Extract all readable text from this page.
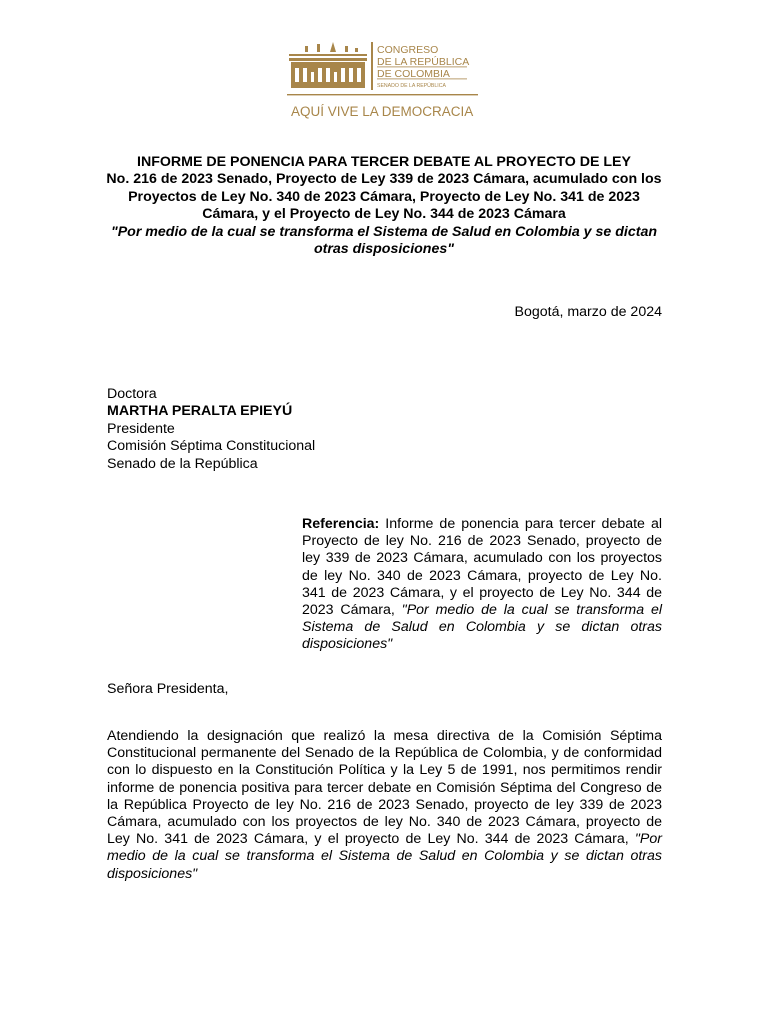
CONGRESO
DE LA REPÚBLICA
DE COLOMBIA
SENADO DE LA REPÚBLICA
AQUÍ VIVE LA DEMOCRACIA
INFORME DE PONENCIA PARA TERCER DEBATE AL PROYECTO DE LEY
No. 216 de 2023 Senado, Proyecto de Ley 339 de 2023 Cámara, acumulado con los
Proyectos de Ley No. 340 de 2023 Cámara, Proyecto de Ley No. 341 de 2023
Cámara, y el Proyecto de Ley No. 344 de 2023 Cámara
"Por medio de la cual se transforma el Sistema de Salud en Colombia y se dictan
otras disposiciones"
Bogotá, marzo de 2024
Doctora
MARTHA PERALTA EPIEYÚ
Presidente
Comisión Séptima Constitucional
Senado de la República
Referencia: Informe de ponencia para tercer debate al Proyecto de ley No. 216 de 2023 Senado, proyecto de ley 339 de 2023 Cámara, acumulado con los proyectos de ley No. 340 de 2023 Cámara, proyecto de Ley No. 341 de 2023 Cámara, y el proyecto de Ley No. 344 de 2023 Cámara, "Por medio de la cual se transforma el Sistema de Salud en Colombia y se dictan otras disposiciones"
Señora Presidenta,
Atendiendo la designación que realizó la mesa directiva de la Comisión Séptima Constitucional permanente del Senado de la República de Colombia, y de conformidad con lo dispuesto en la Constitución Política y la Ley 5 de 1991, nos permitimos rendir informe de ponencia positiva para tercer debate en Comisión Séptima del Congreso de la República Proyecto de ley No. 216 de 2023 Senado, proyecto de ley 339 de 2023 Cámara, acumulado con los proyectos de ley No. 340 de 2023 Cámara, proyecto de Ley No. 341 de 2023 Cámara, y el proyecto de Ley No. 344 de 2023 Cámara, "Por medio de la cual se transforma el Sistema de Salud en Colombia y se dictan otras disposiciones"
